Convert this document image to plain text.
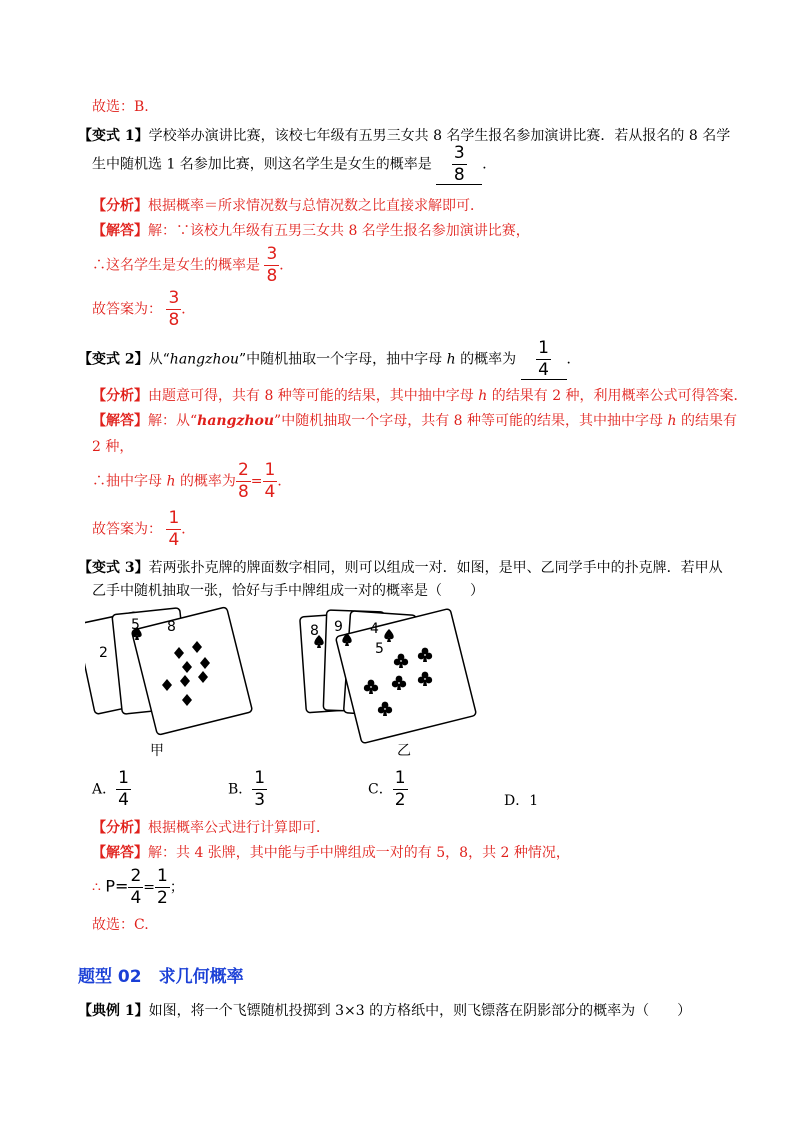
故选：B.
【变式 1】学校举办演讲比赛，该校七年级有五男三女共 8 名学生报名参加演讲比赛．若从报名的 8 名学
生中随机选 1 名参加比赛，则这名学生是女生的概率是 $\frac{3}{8}$ ．
【分析】根据概率＝所求情况数与总情况数之比直接求解即可．
【解答】解：∵该校九年级有五男三女共 8 名学生报名参加演讲比赛，
∴这名学生是女生的概率是 $\frac{3}{8}$ ．
故答案为： $\frac{3}{8}$ ．
【变式 2】从“hangzhou”中随机抽取一个字母，抽中字母 h 的概率为 $\frac{1}{4}$ ．
【分析】由题意可得，共有 8 种等可能的结果，其中抽中字母 h 的结果有 2 种，利用概率公式可得答案．
【解答】解：从“hangzhou”中随机抽取一个字母，共有 8 种等可能的结果，其中抽中字母 h 的结果有
2 种，
∴抽中字母 h 的概率为 $\frac{2}{8} = \frac{1}{4}$ ．
故答案为： $\frac{1}{4}$ ．
【变式 3】若两张扑克牌的牌面数字相同，则可以组成一对．如图，是甲、乙同学手中的扑克牌．若甲从
乙手中随机抽取一张，恰好与手中牌组成一对的概率是（　　）
2
5 8	8 9 4
5
甲	乙
A． $\frac{1}{4}$	B． $\frac{1}{3}$	C． $\frac{1}{2}$	D．1
【分析】根据概率公式进行计算即可．
【解答】解：共 4 张牌，其中能与手中牌组成一对的有 5，8，共 2 种情况，
∴ $P= \frac{2}{4} = \frac{1}{2}$ ；
故选：C.
题型 02　求几何概率
【典例 1】如图，将一个飞镖随机投掷到 3×3 的方格纸中，则飞镖落在阴影部分的概率为（　　）
